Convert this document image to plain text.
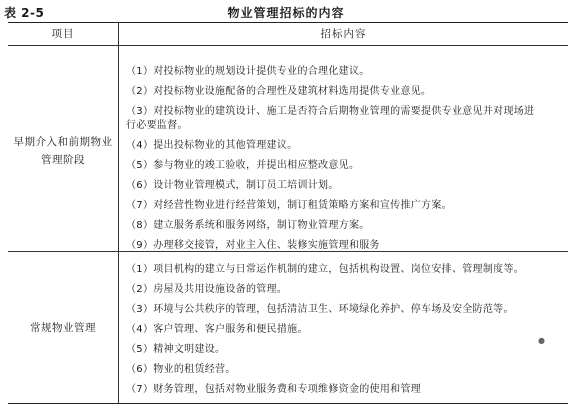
表 2-5	物业管理招标的内容
项目	招标内容
早期介入和前期物业
管理阶段

（1）对投标物业的规划设计提供专业的合理化建议。

（2）对投标物业设施配备的合理性及建筑材料选用提供专业意见。

（3）对投标物业的建筑设计、施工是否符合后期物业管理的需要提供专业意见并对现场进

行必要监督。

（4）提出投标物业的其他管理建议。

（5）参与物业的竣工验收，并提出相应整改意见。

（6）设计物业管理模式，制订员工培训计划。

（7）对经营性物业进行经营策划，制订租赁策略方案和宣传推广方案。

（8）建立服务系统和服务网络，制订物业管理方案。

（9）办理移交接管，对业主入住、装修实施管理和服务

常规物业管理

（1）项目机构的建立与日常运作机制的建立，包括机构设置、岗位安排、管理制度等。

（2）房屋及共用设施设备的管理。

（3）环境与公共秩序的管理，包括清洁卫生、环境绿化养护、停车场及安全防范等。

（4）客户管理、客户服务和便民措施。

（5）精神文明建设。

（6）物业的租赁经营。

（7）财务管理，包括对物业服务费和专项维修资金的使用和管理

●
